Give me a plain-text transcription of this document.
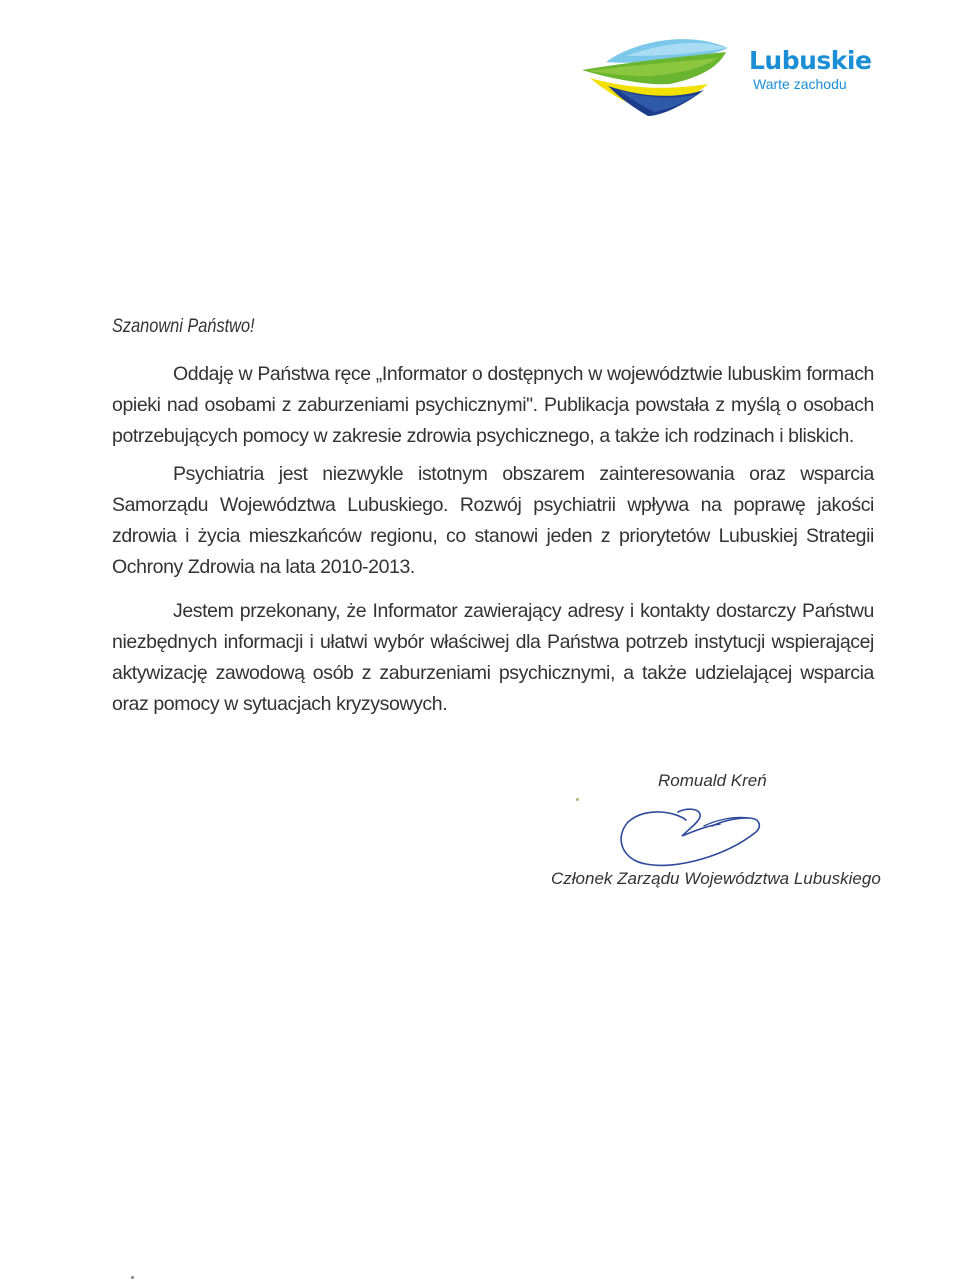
Lubuskie
Warte zachodu
Szanowni Państwo!

Oddaję w Państwa ręce „Informator o dostępnych w województwie lubuskim formach opieki nad osobami z zaburzeniami psychicznymi". Publikacja powstała z myślą o osobach potrzebujących pomocy w zakresie zdrowia psychicznego, a także ich rodzinach i bliskich.

Psychiatria jest niezwykle istotnym obszarem zainteresowania oraz wsparcia Samorządu Województwa Lubuskiego. Rozwój psychiatrii wpływa na poprawę jakości zdrowia i życia mieszkańców regionu, co stanowi jeden z priorytetów Lubuskiej Strategii Ochrony Zdrowia na lata 2010-2013.

Jestem przekonany, że Informator zawierający adresy i kontakty dostarczy Państwu niezbędnych informacji i ułatwi wybór właściwej dla Państwa potrzeb instytucji wspierającej aktywizację zawodową osób z zaburzeniami psychicznymi, a także udzielającej wsparcia oraz pomocy w sytuacjach kryzysowych.

Romuald Kreń
Członek Zarządu Województwa Lubuskiego
